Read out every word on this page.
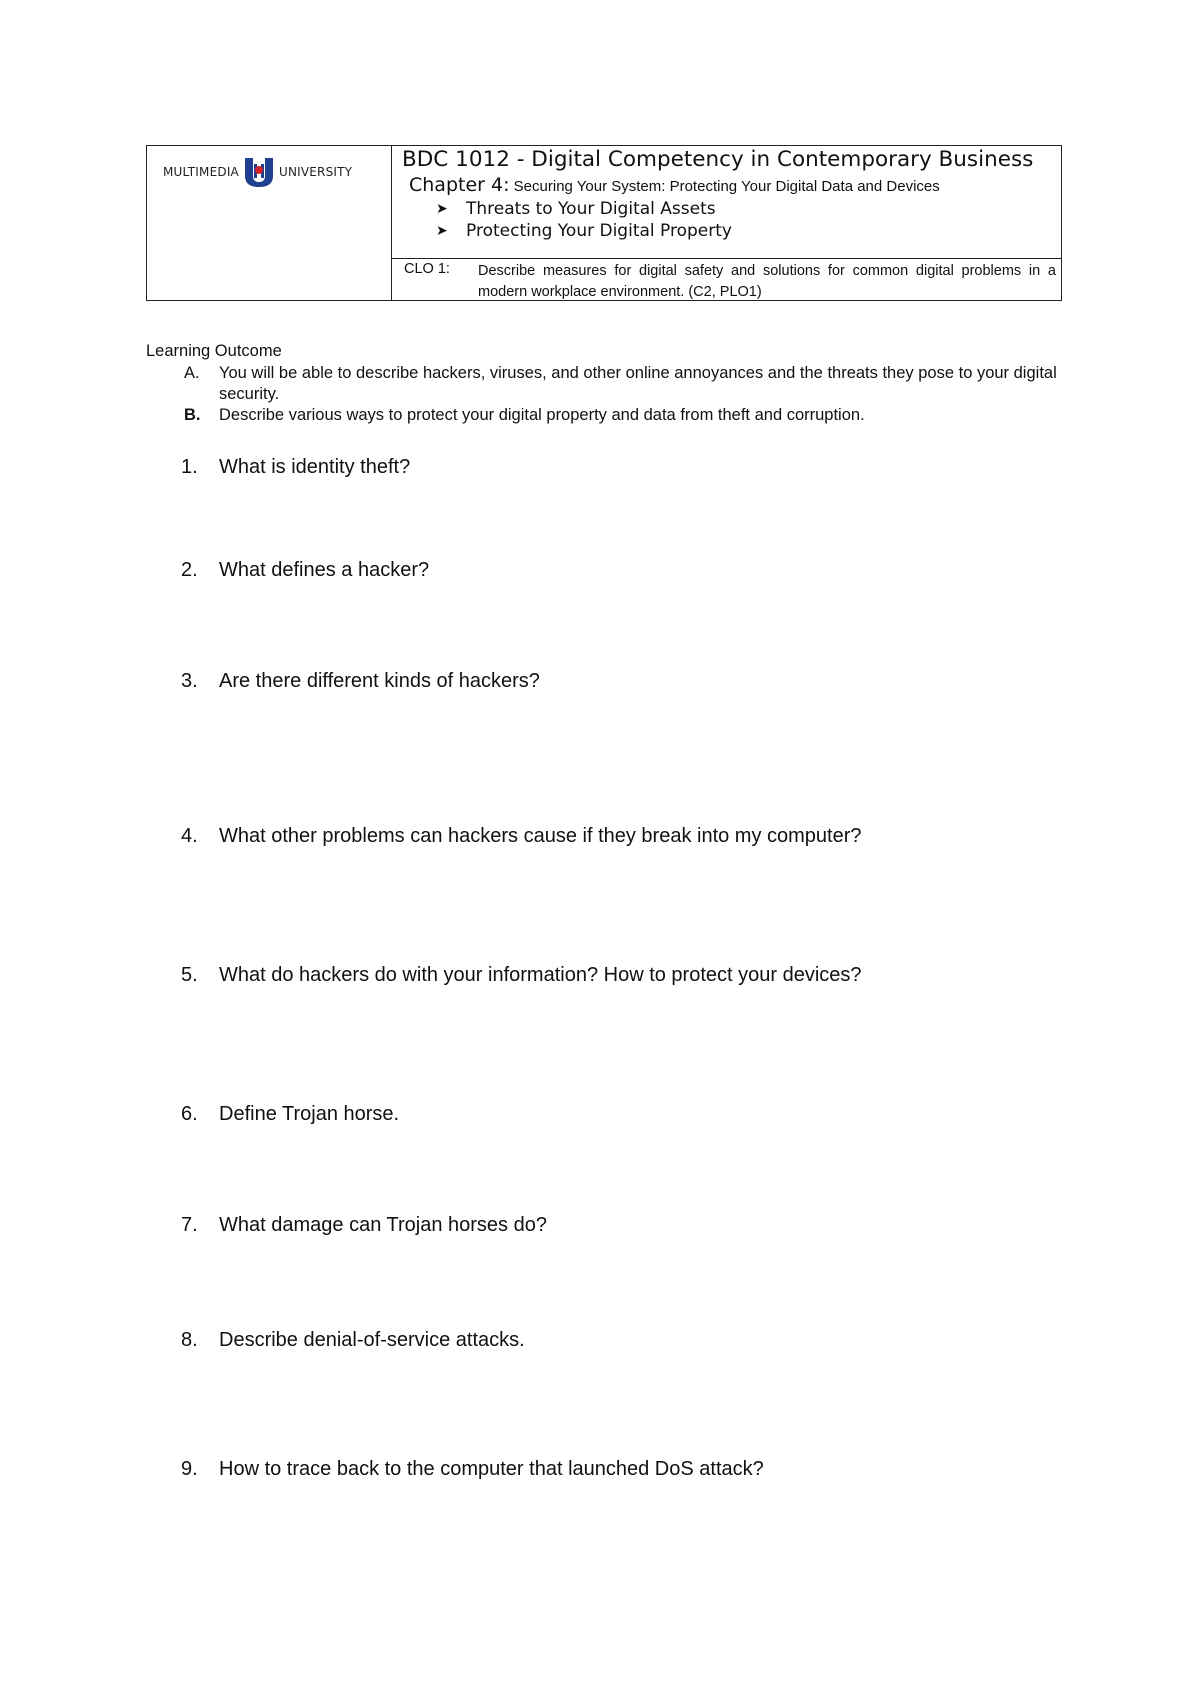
MULTIMEDIA	UNIVERSITY BDC 1012 - Digital Competency in Contemporary Business
Chapter 4: Securing Your System: Protecting Your Digital Data and Devices
➤	Threats to Your Digital Assets
➤	Protecting Your Digital Property
CLO 1: Describe measures for digital safety and solutions for common digital problems in a modern workplace environment. (C2, PLO1)
Learning Outcome
A. You will be able to describe hackers, viruses, and other online annoyances and the threats they pose to your digital security.
B. Describe various ways to protect your digital property and data from theft and corruption.
1. What is identity theft?
2. What defines a hacker?
3. Are there different kinds of hackers?
4. What other problems can hackers cause if they break into my computer?
5. What do hackers do with your information? How to protect your devices?
6. Define Trojan horse.
7. What damage can Trojan horses do?
8. Describe denial-of-service attacks.
9. How to trace back to the computer that launched DoS attack?
